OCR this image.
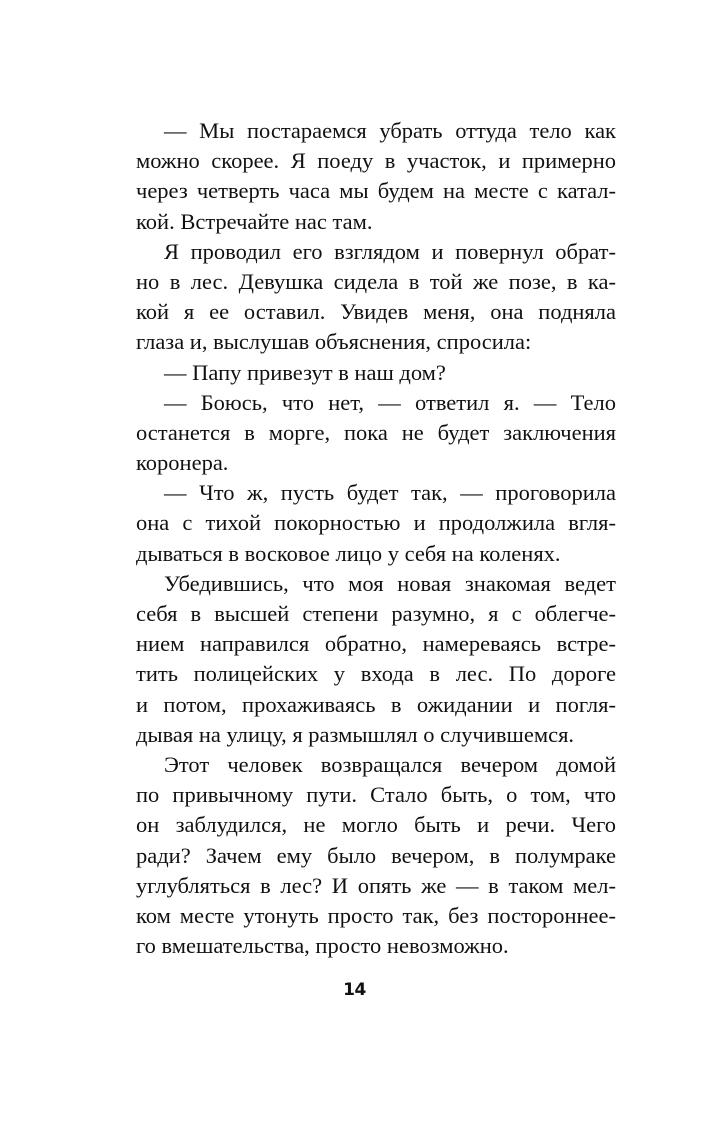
— Мы постараемся убрать оттуда тело как
можно скорее. Я поеду в участок, и примерно
через четверть часа мы будем на месте с катал-
кой. Встречайте нас там.
Я проводил его взглядом и повернул обрат-
но в лес. Девушка сидела в той же позе, в ка-
кой я ее оставил. Увидев меня, она подняла
глаза и, выслушав объяснения, спросила:
— Папу привезут в наш дом?
— Боюсь, что нет, — ответил я. — Тело
останется в морге, пока не будет заключения
коронера.
— Что ж, пусть будет так, — проговорила
она с тихой покорностью и продолжила вгля-
дываться в восковое лицо у себя на коленях.
Убедившись, что моя новая знакомая ведет
себя в высшей степени разумно, я с облегче-
нием направился обратно, намереваясь встре-
тить полицейских у входа в лес. По дороге
и потом, прохаживаясь в ожидании и погля-
дывая на улицу, я размышлял о случившемся.
Этот человек возвращался вечером домой
по привычному пути. Стало быть, о том, что
он заблудился, не могло быть и речи. Чего
ради? Зачем ему было вечером, в полумраке
углубляться в лес? И опять же — в таком мел-
ком месте утонуть просто так, без постороннее-
го вмешательства, просто невозможно.
14
